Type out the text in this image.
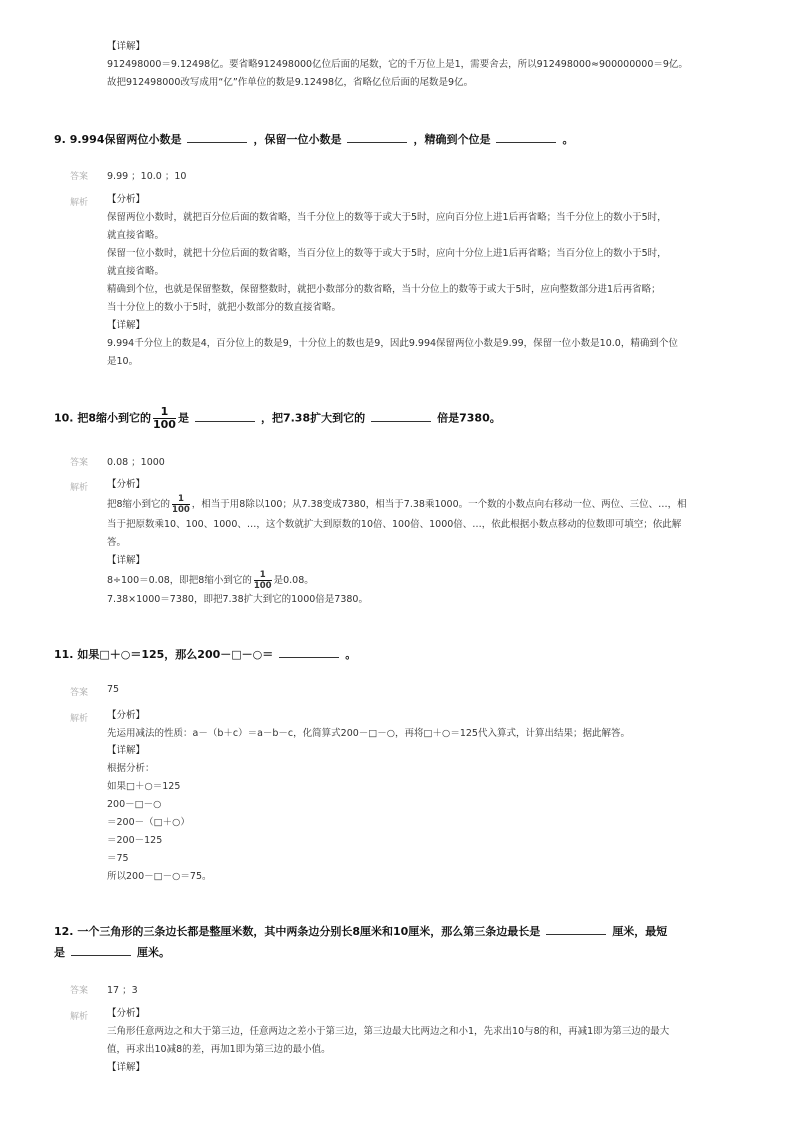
【详解】
912498000＝9.12498亿。要省略912498000亿位后面的尾数，它的千万位上是1，需要舍去，所以912498000≈900000000＝9亿。
故把912498000改写成用“亿”作单位的数是9.12498亿，省略亿位后面的尾数是9亿。
9. 9.994保留两位小数是	，保留一位小数是	，精确到个位是	。
答案 9.99 ；10.0 ；10
解析 【分析】
保留两位小数时，就把百分位后面的数省略，当千分位上的数等于或大于5时，应向百分位上进1后再省略；当千分位上的数小于5时，
就直接省略。
保留一位小数时，就把十分位后面的数省略，当百分位上的数等于或大于5时，应向十分位上进1后再省略；当百分位上的数小于5时，
就直接省略。
精确到个位，也就是保留整数，保留整数时，就把小数部分的数省略，当十分位上的数等于或大于5时，应向整数部分进1后再省略；
当十分位上的数小于5时，就把小数部分的数直接省略。
【详解】
9.994千分位上的数是4，百分位上的数是9，十分位上的数也是9，因此9.994保留两位小数是9.99，保留一位小数是10.0，精确到个位
是10。
10. 把8缩小到它的 $\frac{1}{100}$ 是	，把7.38扩大到它的	倍是7380。
答案 0.08 ；1000
解析 【分析】
把8缩小到它的 $\frac{1}{100}$ ，相当于用8除以100；从7.38变成7380，相当于7.38乘1000。一个数的小数点向右移动一位、两位、三位、…，相
当于把原数乘10、100、1000、…，这个数就扩大到原数的10倍、100倍、1000倍、…，依此根据小数点移动的位数即可填空；依此解
答。
【详解】
8÷100＝0.08，即把8缩小到它的 $\frac{1}{100}$ 是0.08。
7.38×1000＝7380，即把7.38扩大到它的1000倍是7380。
11. 如果□＋○＝125，那么200－□－○＝	。
答案 75
解析 【分析】
先运用减法的性质：a－（b＋c）＝a－b－c，化简算式200－□－○，再将□＋○＝125代入算式，计算出结果；据此解答。
【详解】
根据分析：
如果□＋○＝125
200－□－○
＝200－（□＋○）
＝200－125
＝75
所以200－□－○＝75。
12. 一个三角形的三条边长都是整厘米数，其中两条边分别长8厘米和10厘米，那么第三条边最长是	厘米，最短
是	厘米。
答案 17 ；3
解析 【分析】
三角形任意两边之和大于第三边，任意两边之差小于第三边，第三边最大比两边之和小1，先求出10与8的和，再减1即为第三边的最大
值，再求出10减8的差，再加1即为第三边的最小值。
【详解】
